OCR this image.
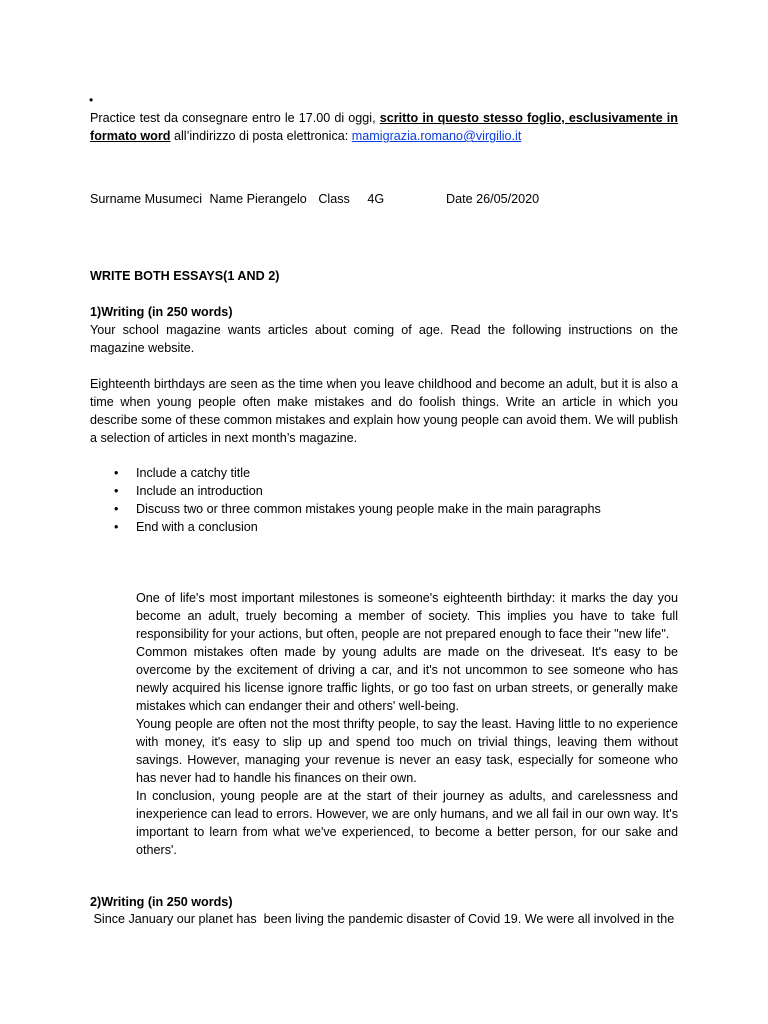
•
Practice test da consegnare entro le 17.00 di oggi, scritto in questo stesso foglio, esclusivamente in formato word all’indirizzo di posta elettronica: mamigrazia.romano@virgilio.it
Surname Musumeci Name Pierangelo Class 4G	Date 26/05/2020
WRITE BOTH ESSAYS(1 AND 2)
1)Writing (in 250 words)
Your school magazine wants articles about coming of age. Read the following instructions on the magazine website.
Eighteenth birthdays are seen as the time when you leave childhood and become an adult, but it is also a time when young people often make mistakes and do foolish things. Write an article in which you describe some of these common mistakes and explain how young people can avoid them. We will publish a selection of articles in next month’s magazine.
• Include a catchy title
• Include an introduction
• Discuss two or three common mistakes young people make in the main paragraphs
• End with a conclusion

One of life's most important milestones is someone's eighteenth birthday: it marks the day you become an adult, truely becoming a member of society. This implies you have to take full responsibility for your actions, but often, people are not prepared enough to face their "new life".

Common mistakes often made by young adults are made on the driveseat. It's easy to be overcome by the excitement of driving a car, and it's not uncommon to see someone who has newly acquired his license ignore traffic lights, or go too fast on urban streets, or generally make mistakes which can endanger their and others' well-being.

Young people are often not the most thrifty people, to say the least. Having little to no experience with money, it's easy to slip up and spend too much on trivial things, leaving them without savings. However, managing your revenue is never an easy task, especially for someone who has never had to handle his finances on their own.

In conclusion, young people are at the start of their journey as adults, and carelessness and inexperience can lead to errors. However, we are only humans, and we all fail in our own way. It's important to learn from what we've experienced, to become a better person, for our sake and others'.

2)Writing (in 250 words)
Since January our planet has  been living the pandemic disaster of Covid 19. We were all involved in the
